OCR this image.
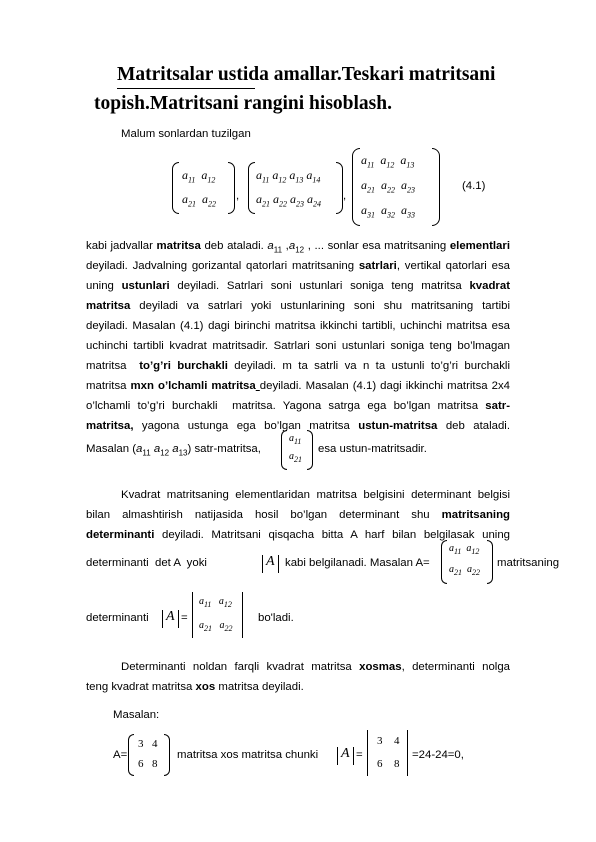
Matritsalar ustida amallar.Teskari matritsani
topish.Matritsani rangini hisoblash.
Malum sonlardan tuzilgan
$a_{11}$ $a_{12}$
$a_{21}$ $a_{22}$
,
$a_{11}$ $a_{12}$ $a_{13}$ $a_{14}$
$a_{21}$ $a_{22}$ $a_{23}$ $a_{24}$
,
$a_{11}$  $a_{12}$  $a_{13}$
$a_{21}$  $a_{22}$  $a_{23}$
$a_{31}$  $a_{32}$  $a_{33}$
(4.1)
kabi jadvallar matritsa deb ataladi. $a_{11}$ $,a_{12}$ , ... sonlar esa matritsaning elementlari
deyiladi. Jadvalning gorizantal qatorlari matritsaning satrlari, vertikal qatorlari esa
uning ustunlari deyiladi. Satrlari soni ustunlari soniga teng matritsa kvadrat
matritsa deyiladi va satrlari yoki ustunlarining soni shu matritsaning tartibi
deyiladi. Masalan (4.1) dagi birinchi matritsa ikkinchi tartibli, uchinchi matritsa esa
uchinchi tartibli kvadrat matritsadir. Satrlari soni ustunlari soniga teng bo’lmagan
matritsa  to’g’ri burchakli deyiladi. m ta satrli va n ta ustunli to’g’ri burchakli
matritsa mxn o’lchamli matritsa deyiladi. Masalan (4.1) dagi ikkinchi matritsa 2x4
o’lchamli to’g’ri burchakli  matritsa. Yagona satrga ega bo’lgan matritsa satr-
matritsa, yagona ustunga ega bo’lgan matritsa ustun-matritsa deb ataladi.
Masalan ($a_{11}$ $a_{12}$ $a_{13}$) satr-matritsa,
$a_{11}$
$a_{21}$
esa ustun-matritsadir.
Kvadrat matritsaning elementlaridan matritsa belgisini determinant belgisi
bilan almashtirish natijasida hosil bo’lgan determinant shu matritsaning
determinanti deyiladi. Matritsani qisqacha bitta A harf bilan belgilasak uning
determinanti  det A  yoki	A kabi belgilanadi. Masalan A=
$a_{11}$  $a_{12}$
$a_{21}$  $a_{22}$
matritsaning
determinanti A =
$a_{11}$   $a_{12}$
$a_{21}$   $a_{22}$
bo'ladi.
Determinanti noldan farqli kvadrat matritsa xosmas, determinanti nolga
teng kvadrat matritsa xos matritsa deyiladi.
Masalan:
A=
3 4
6 8
matritsa xos matritsa chunki A =
3 4
6 8
=24-24=0,
